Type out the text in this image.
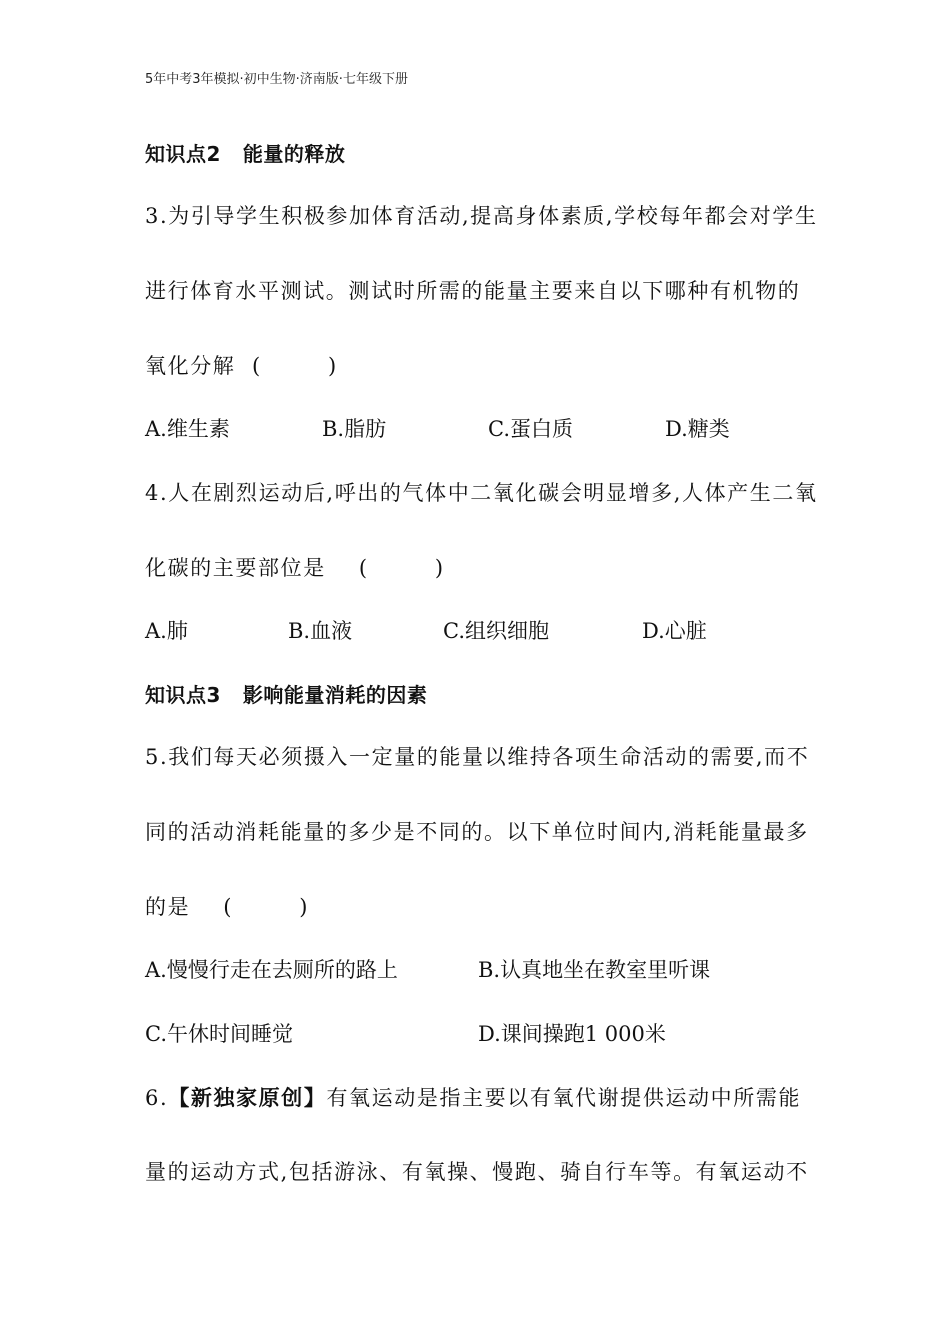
5年中考3年模拟·初中生物·济南版·七年级下册
知识点2 能量的释放
3.为引导学生积极参加体育活动,提高身体素质,学校每年都会对学生
进行体育水平测试。测试时所需的能量主要来自以下哪种有机物的
氧化分解  (        )
A.维生素	B.脂肪	C.蛋白质	D.糖类
4.人在剧烈运动后,呼出的气体中二氧化碳会明显增多,人体产生二氧
化碳的主要部位是    (        )
A.肺	B.血液	C.组织细胞	D.心脏
知识点3 影响能量消耗的因素
5.我们每天必须摄入一定量的能量以维持各项生命活动的需要,而不
同的活动消耗能量的多少是不同的。以下单位时间内,消耗能量最多
的是    (        )
A.慢慢行走在去厕所的路上	B.认真地坐在教室里听课
C.午休时间睡觉	D.课间操跑1 000米
6.【新独家原创】有氧运动是指主要以有氧代谢提供运动中所需能
量的运动方式,包括游泳、有氧操、慢跑、骑自行车等。有氧运动不
